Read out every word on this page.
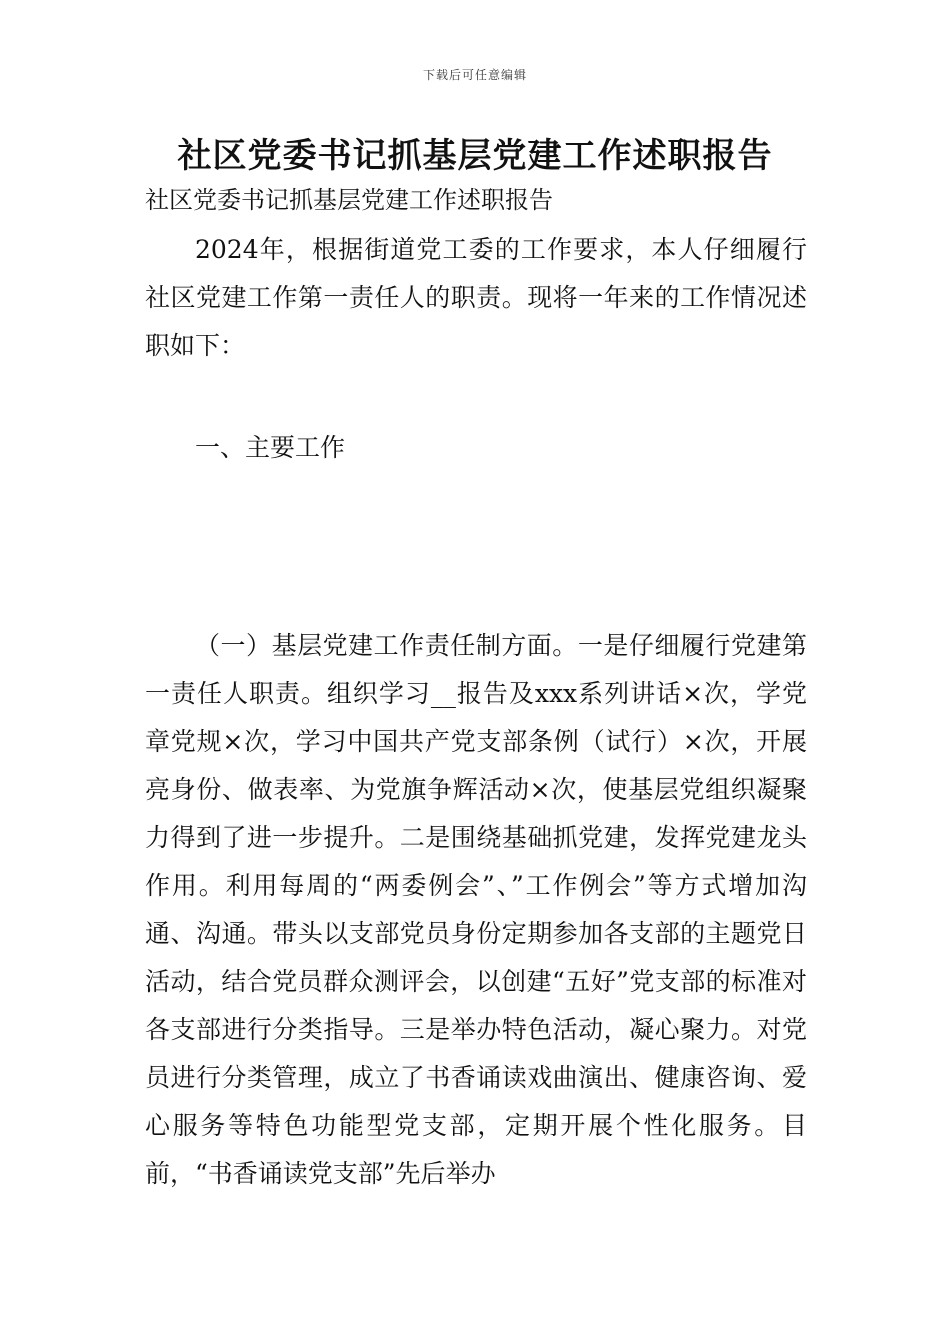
下载后可任意编辑
社区党委书记抓基层党建工作述职报告

社区党委书记抓基层党建工作述职报告

2024年，根据街道党工委的工作要求，本人仔细履行社区党建工作第一责任人的职责。现将一年来的工作情况述职如下：

一、主要工作

（一）基层党建工作责任制方面。一是仔细履行党建第一责任人职责。组织学习__报告及xxx系列讲话×次，学党章党规×次，学习中国共产党支部条例（试行）×次，开展亮身份、做表率、为党旗争辉活动×次，使基层党组织凝聚力得到了进一步提升。二是围绕基础抓党建，发挥党建龙头作用。利用每周的“两委例会”、”工作例会”等方式增加沟通、沟通。带头以支部党员身份定期参加各支部的主题党日活动，结合党员群众测评会，以创建“五好”党支部的标准对各支部进行分类指导。三是举办特色活动，凝心聚力。对党员进行分类管理，成立了书香诵读戏曲演出、健康咨询、爱心服务等特色功能型党支部，定期开展个性化服务。目前，“书香诵读党支部”先后举办
